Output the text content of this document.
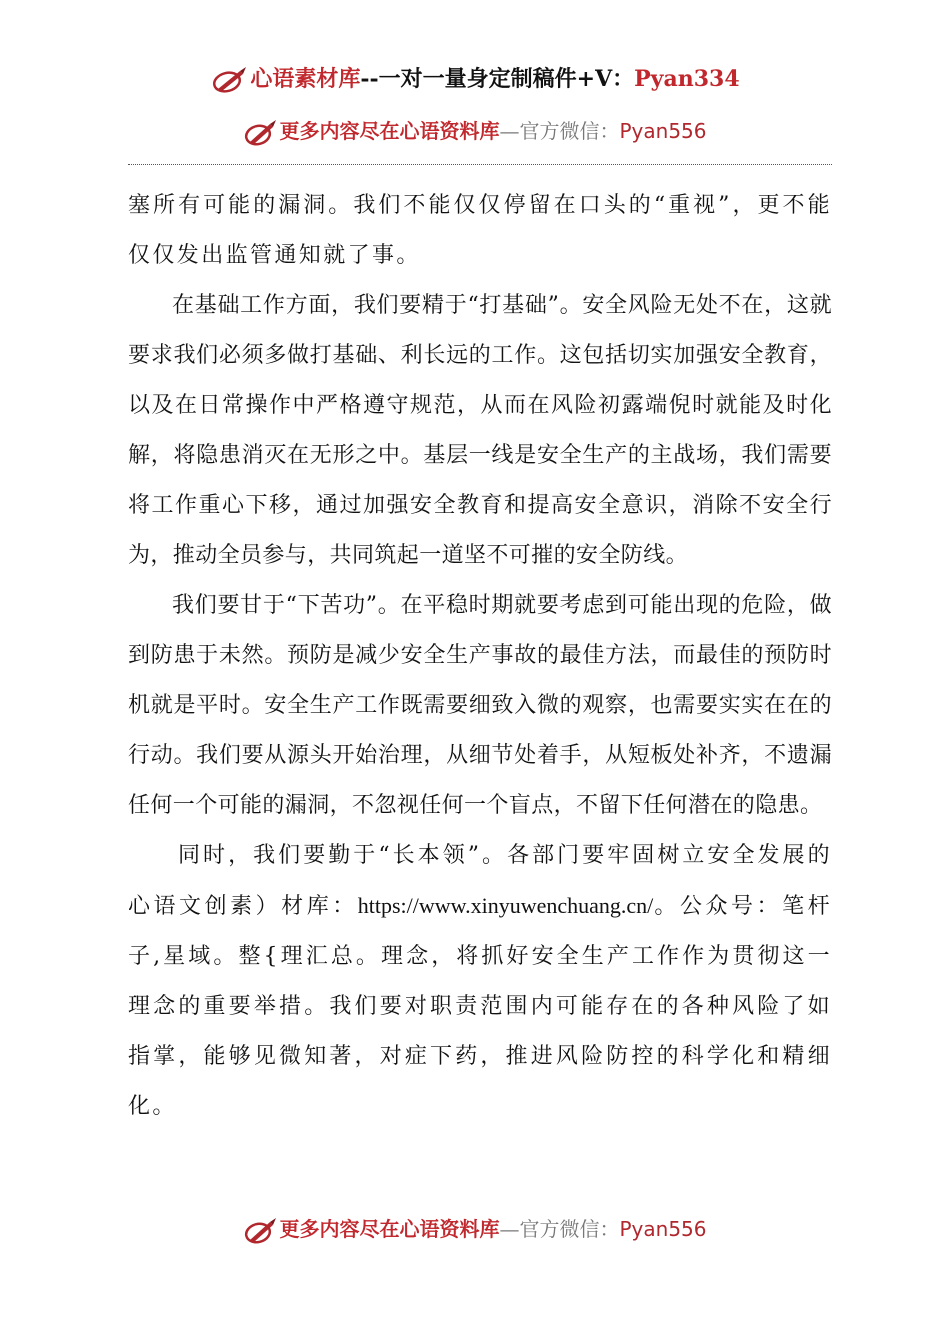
心语素材库--一对一量身定制稿件+V：Pyan334
更多内容尽在心语资料库—官方微信：Pyan556

塞所有可能的漏洞。我们不能仅仅停留在口头的“重视”，更不能仅仅发出监管通知就了事。

在基础工作方面，我们要精于“打基础”。安全风险无处不在，这就要求我们必须多做打基础、利长远的工作。这包括切实加强安全教育，以及在日常操作中严格遵守规范，从而在风险初露端倪时就能及时化解，将隐患消灭在无形之中。基层一线是安全生产的主战场，我们需要将工作重心下移，通过加强安全教育和提高安全意识，消除不安全行为，推动全员参与，共同筑起一道坚不可摧的安全防线。

我们要甘于“下苦功”。在平稳时期就要考虑到可能出现的危险，做到防患于未然。预防是减少安全生产事故的最佳方法，而最佳的预防时机就是平时。安全生产工作既需要细致入微的观察，也需要实实在在的行动。我们要从源头开始治理，从细节处着手，从短板处补齐，不遗漏任何一个可能的漏洞，不忽视任何一个盲点，不留下任何潜在的隐患。

同时，我们要勤于“长本领”。各部门要牢固树立安全发展的心语文创素）材库：https://www.xinyuwenchuang.cn/。公众号：笔杆子,星域。整{理汇总。理念，将抓好安全生产工作作为贯彻这一理念的重要举措。我们要对职责范围内可能存在的各种风险了如指掌，能够见微知著，对症下药，推进风险防控的科学化和精细化。

更多内容尽在心语资料库—官方微信：Pyan556
